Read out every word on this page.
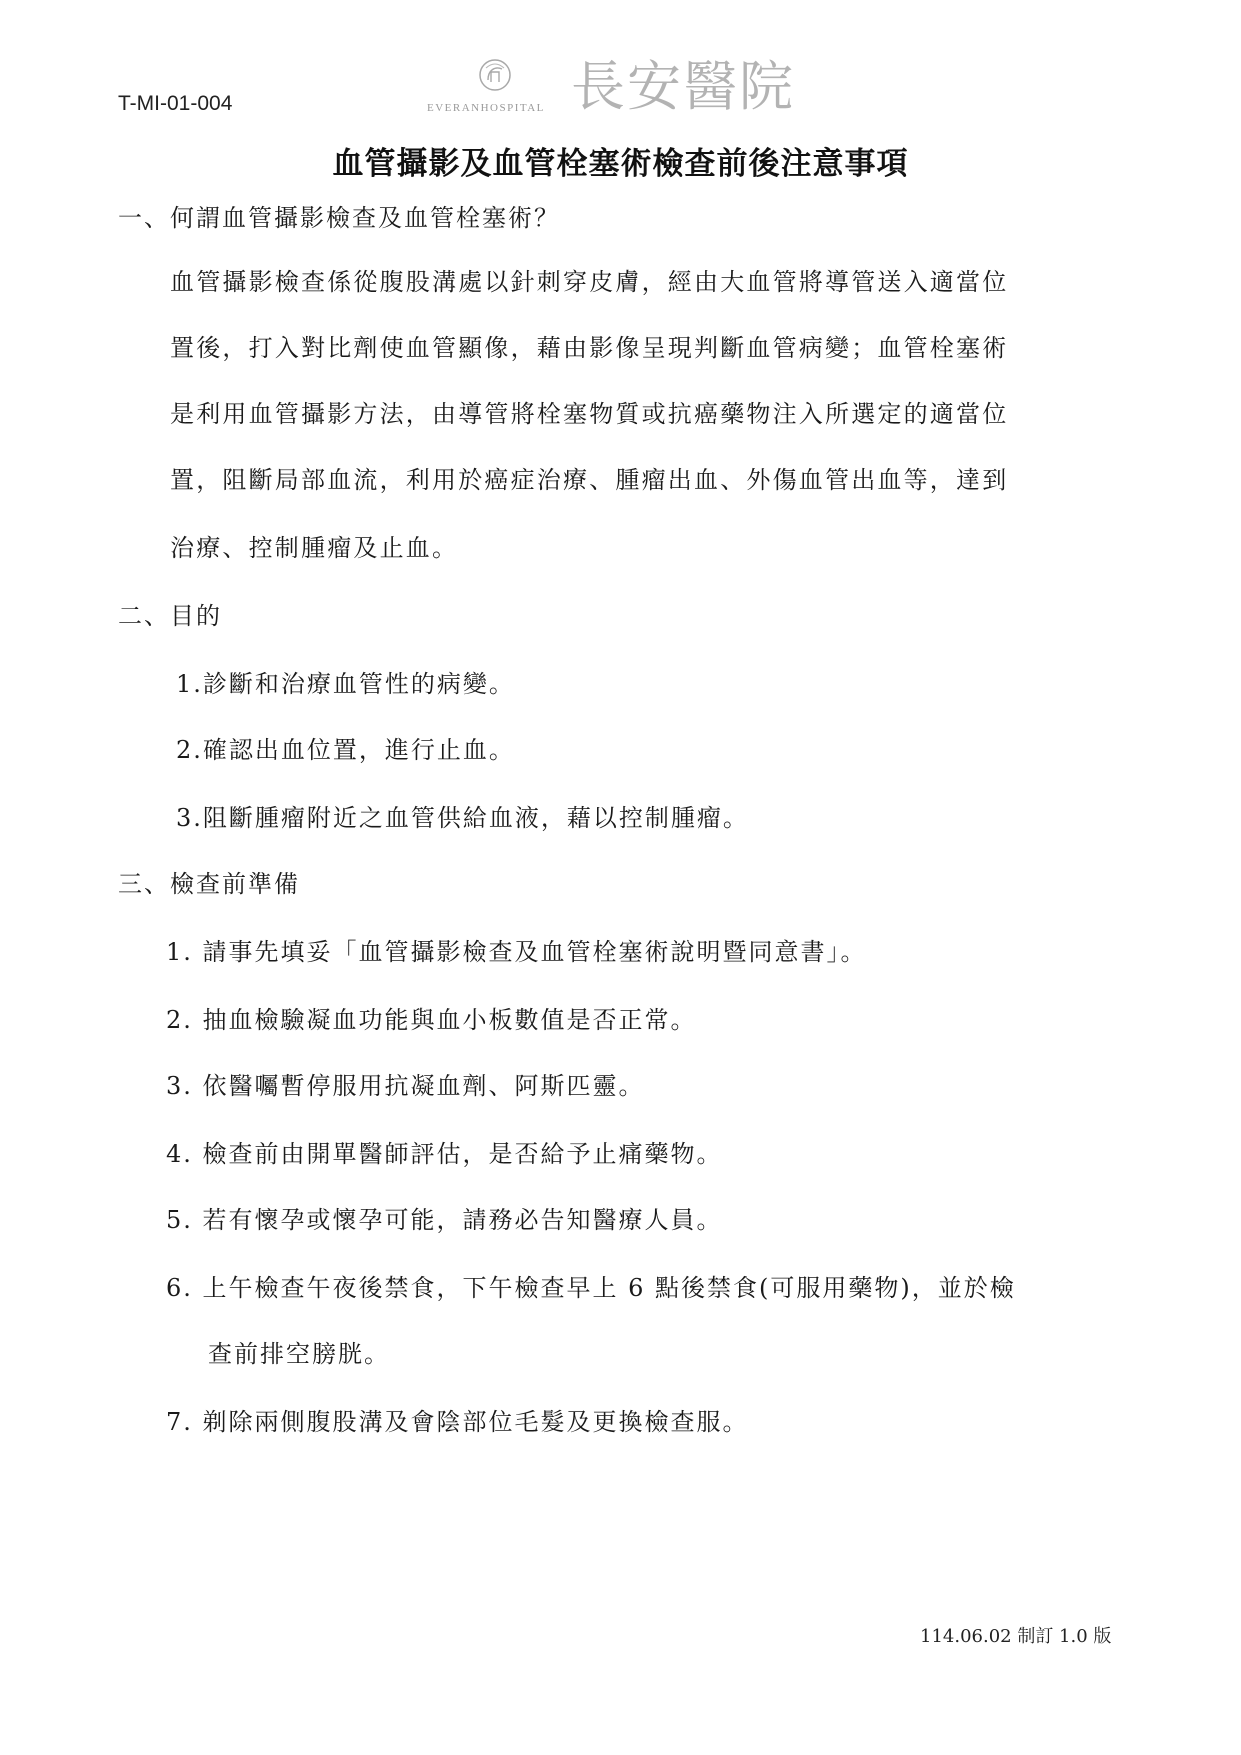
T-MI-01-004	EVERANHOSPITAL 長安醫院
血管攝影及血管栓塞術檢查前後注意事項
一、何謂血管攝影檢查及血管栓塞術？
血管攝影檢查係從腹股溝處以針刺穿皮膚，經由大血管將導管送入適當位
置後，打入對比劑使血管顯像，藉由影像呈現判斷血管病變；血管栓塞術
是利用血管攝影方法，由導管將栓塞物質或抗癌藥物注入所選定的適當位
置，阻斷局部血流，利用於癌症治療、腫瘤出血、外傷血管出血等，達到
治療、控制腫瘤及止血。
二、目的
1.診斷和治療血管性的病變。
2.確認出血位置，進行止血。
3.阻斷腫瘤附近之血管供給血液，藉以控制腫瘤。
三、檢查前準備
1. 請事先填妥「血管攝影檢查及血管栓塞術說明暨同意書」。
2. 抽血檢驗凝血功能與血小板數值是否正常。
3. 依醫囑暫停服用抗凝血劑、阿斯匹靈。
4. 檢查前由開單醫師評估，是否給予止痛藥物。
5. 若有懷孕或懷孕可能，請務必告知醫療人員。
6. 上午檢查午夜後禁食，下午檢查早上 6 點後禁食(可服用藥物)，並於檢
查前排空膀胱。
7. 剃除兩側腹股溝及會陰部位毛髮及更換檢查服。
114.06.02 制訂 1.0 版
